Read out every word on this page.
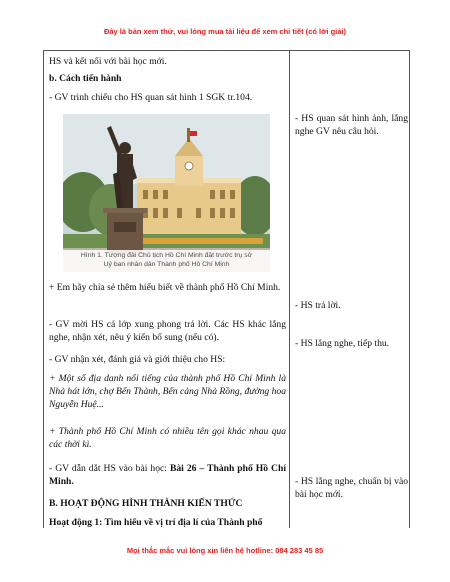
Đây là bản xem thử, vui lòng mua tài liệu để xem chi tiết (có lời giải)

HS và kết nối với bài học mới.

b. Cách tiến hành

- GV trình chiếu cho HS quan sát hình 1 SGK tr.104.

Hình 1. Tượng đài Chủ tịch Hồ Chí Minh đặt trước trụ sở
Uỷ ban nhân dân Thành phố Hồ Chí Minh

+ Em hãy chia sẻ thêm hiểu biết về thành phố Hồ Chí Minh.

- GV mời HS cả lớp xung phong trả lời. Các HS khác lắng nghe, nhận xét, nêu ý kiến bổ sung (nếu có).

- GV nhận xét, đánh giá và giới thiệu cho HS:

+ Một số địa danh nổi tiếng của thành phố Hồ Chí Minh là Nhà hát lớn, chợ Bến Thành, Bến cảng Nhà Rồng, đường hoa Nguyễn Huệ...

+ Thành phố Hồ Chí Minh có nhiều tên gọi khác nhau qua các thời kì.

- GV dẫn dắt HS vào bài học: Bài 26 – Thành phố Hồ Chí Minh.

B. HOẠT ĐỘNG HÌNH THÀNH KIẾN THỨC

Hoạt động 1: Tìm hiểu về vị trí địa lí của Thành phố

- HS quan sát hình ảnh, lắng nghe GV nêu câu hỏi.

- HS trả lời.

- HS lắng nghe, tiếp thu.

- HS lắng nghe, chuẩn bị vào bài học mới.

Mọi thắc mắc vui lòng xin liên hệ hotline: 084 283 45 85
